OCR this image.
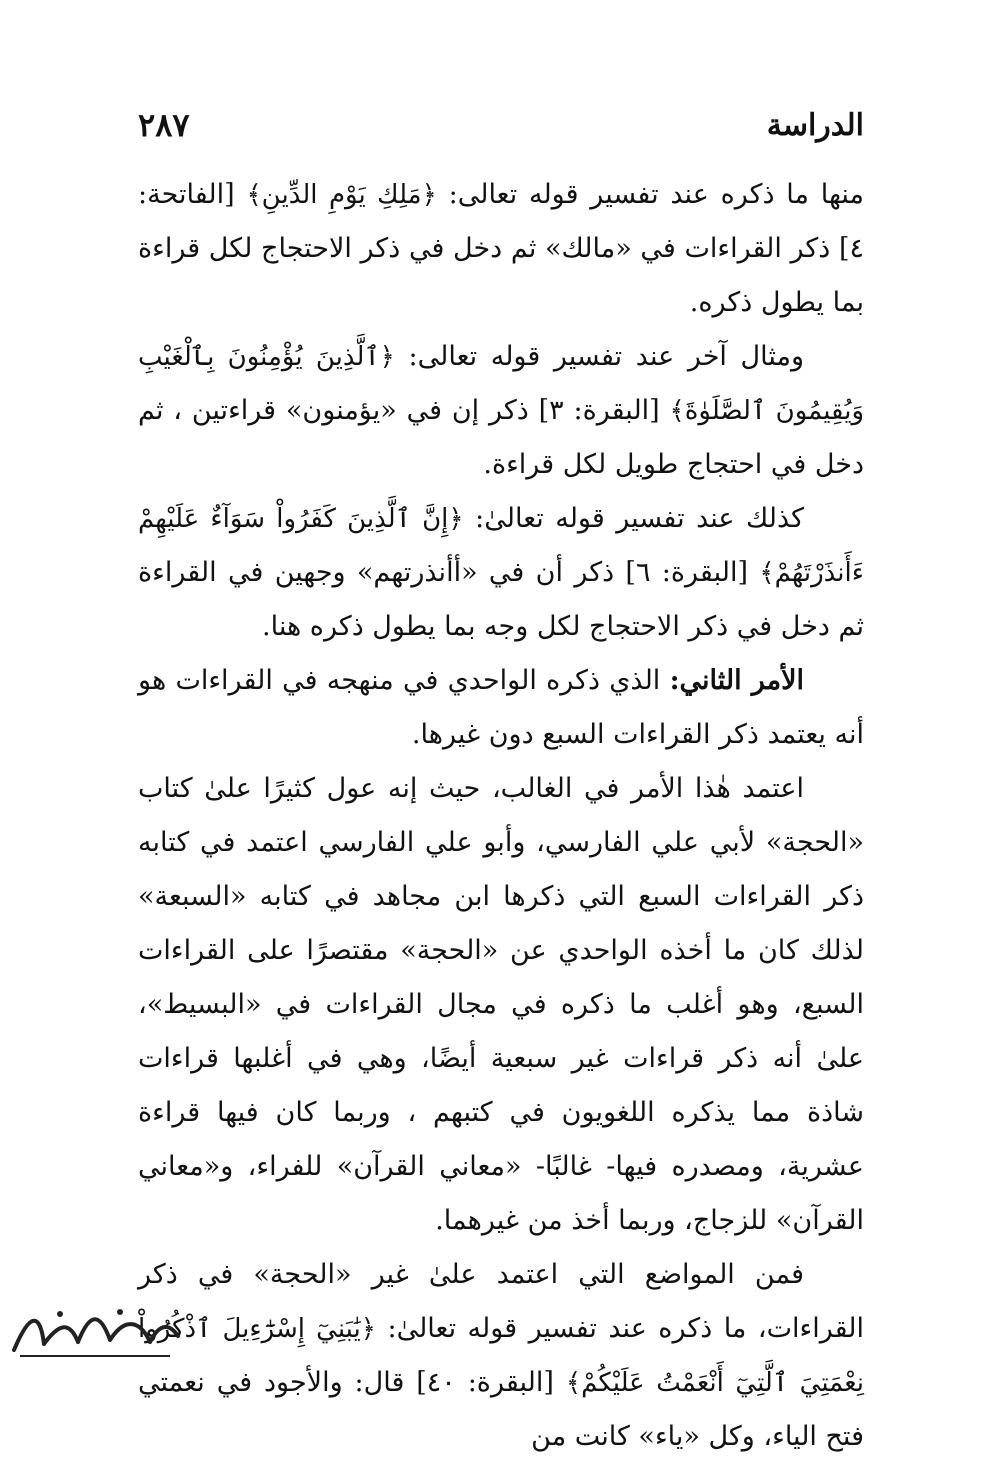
٢٨٧	الدراسة

منها ما ذكره عند تفسير قوله تعالى: ﴿مَلِكِ يَوْمِ الدِّينِ﴾ [الفاتحة: ٤] ذكر القراءات في «مالك» ثم دخل في ذكر الاحتجاج لكل قراءة بما يطول ذكره.

ومثال آخر عند تفسير قوله تعالى: ﴿ٱلَّذِينَ يُؤْمِنُونَ بِٱلْغَيْبِ وَيُقِيمُونَ ٱلصَّلَوٰةَ﴾ [البقرة: ٣] ذكر إن في «يؤمنون» قراءتين ، ثم دخل في احتجاج طويل لكل قراءة.

كذلك عند تفسير قوله تعالىٰ: ﴿إِنَّ ٱلَّذِينَ كَفَرُواْ سَوَآءٌ عَلَيْهِمْ ءَأَنذَرْتَهُمْ﴾ [البقرة: ٦] ذكر أن في «أأنذرتهم» وجهين في القراءة ثم دخل في ذكر الاحتجاج لكل وجه بما يطول ذكره هنا.

الأمر الثاني: الذي ذكره الواحدي في منهجه في القراءات هو أنه يعتمد ذكر القراءات السبع دون غيرها.

اعتمد هٰذا الأمر في الغالب، حيث إنه عول كثيرًا علىٰ كتاب «الحجة» لأبي علي الفارسي، وأبو علي الفارسي اعتمد في كتابه ذكر القراءات السبع التي ذكرها ابن مجاهد في كتابه «السبعة» لذلك كان ما أخذه الواحدي عن «الحجة» مقتصرًا على القراءات السبع، وهو أغلب ما ذكره في مجال القراءات في «البسيط»، علىٰ أنه ذكر قراءات غير سبعية أيضًا، وهي في أغلبها قراءات شاذة مما يذكره اللغويون في كتبهم ، وربما كان فيها قراءة عشرية، ومصدره فيها- غالبًا- «معاني القرآن» للفراء، و«معاني القرآن» للزجاج، وربما أخذ من غيرهما.

فمن المواضع التي اعتمد علىٰ غير «الحجة» في ذكر القراءات، ما ذكره عند تفسير قوله تعالىٰ: ﴿يَٰبَنِيٓ إِسْرَٰٓءِيلَ ٱذْكُرُواْ نِعْمَتِيَ ٱلَّتِيٓ أَنْعَمْتُ عَلَيْكُمْ﴾ [البقرة: ٤٠] قال: والأجود في نعمتي فتح الياء، وكل «ياء» كانت من
